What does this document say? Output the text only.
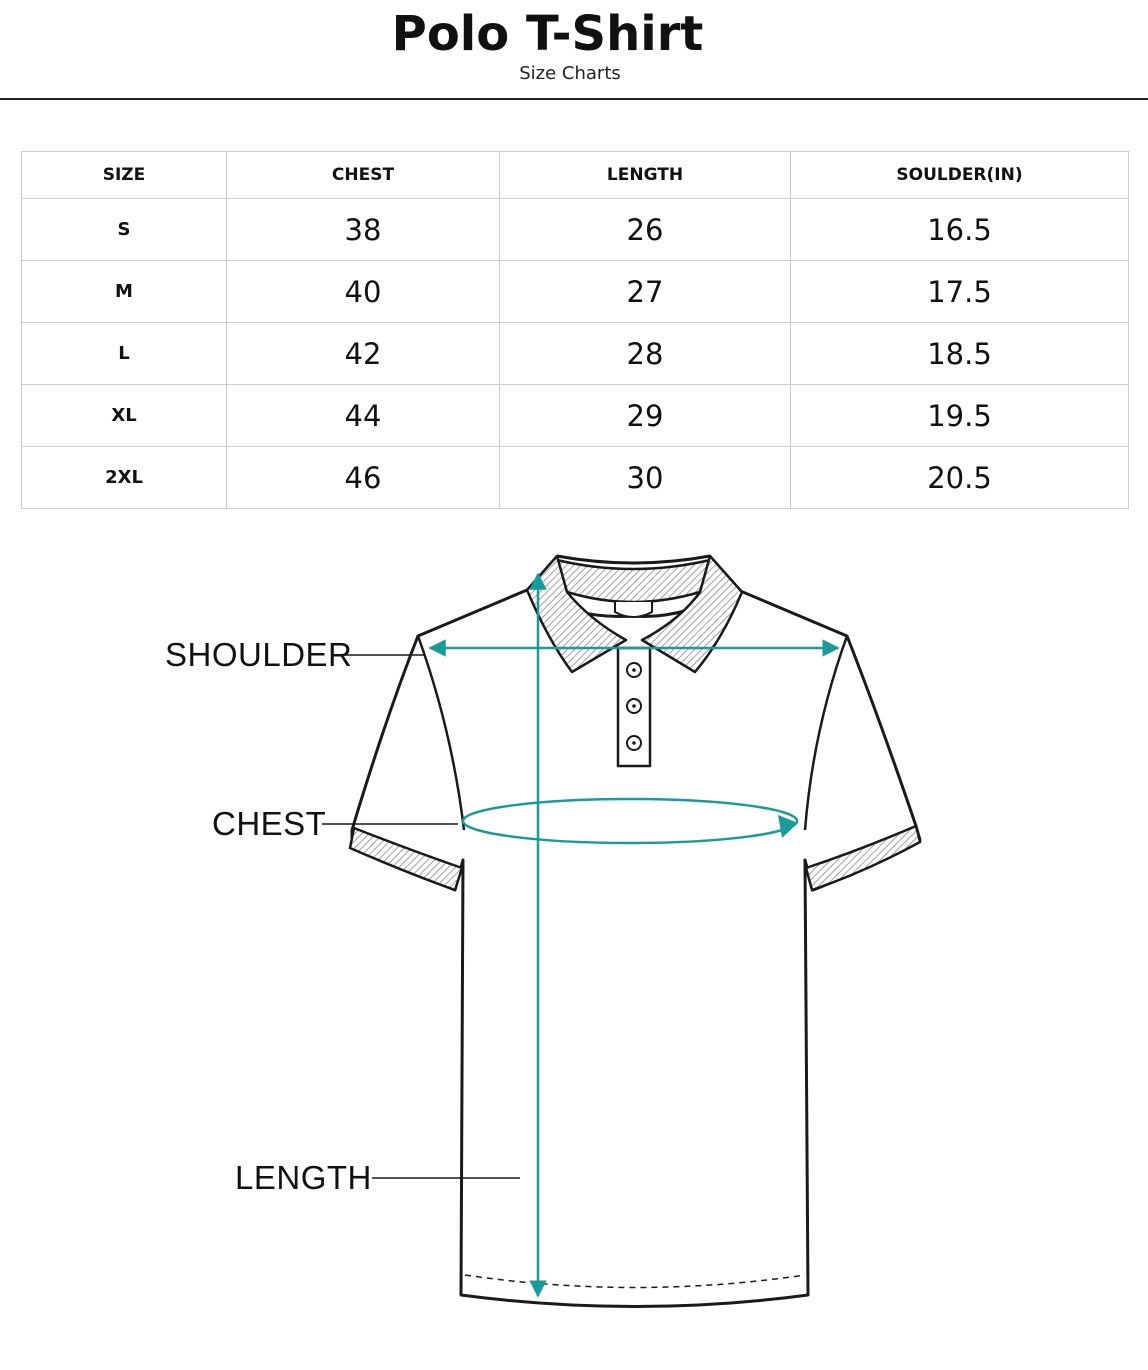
Polo T-Shirt
Size Charts
SIZE	CHEST	LENGTH	SOULDER(IN)
S	38	26	16.5
M	40	27	17.5
L	42	28	18.5
XL	44	29	19.5
2XL	46	30	20.5
SHOULDER
CHEST
LENGTH
